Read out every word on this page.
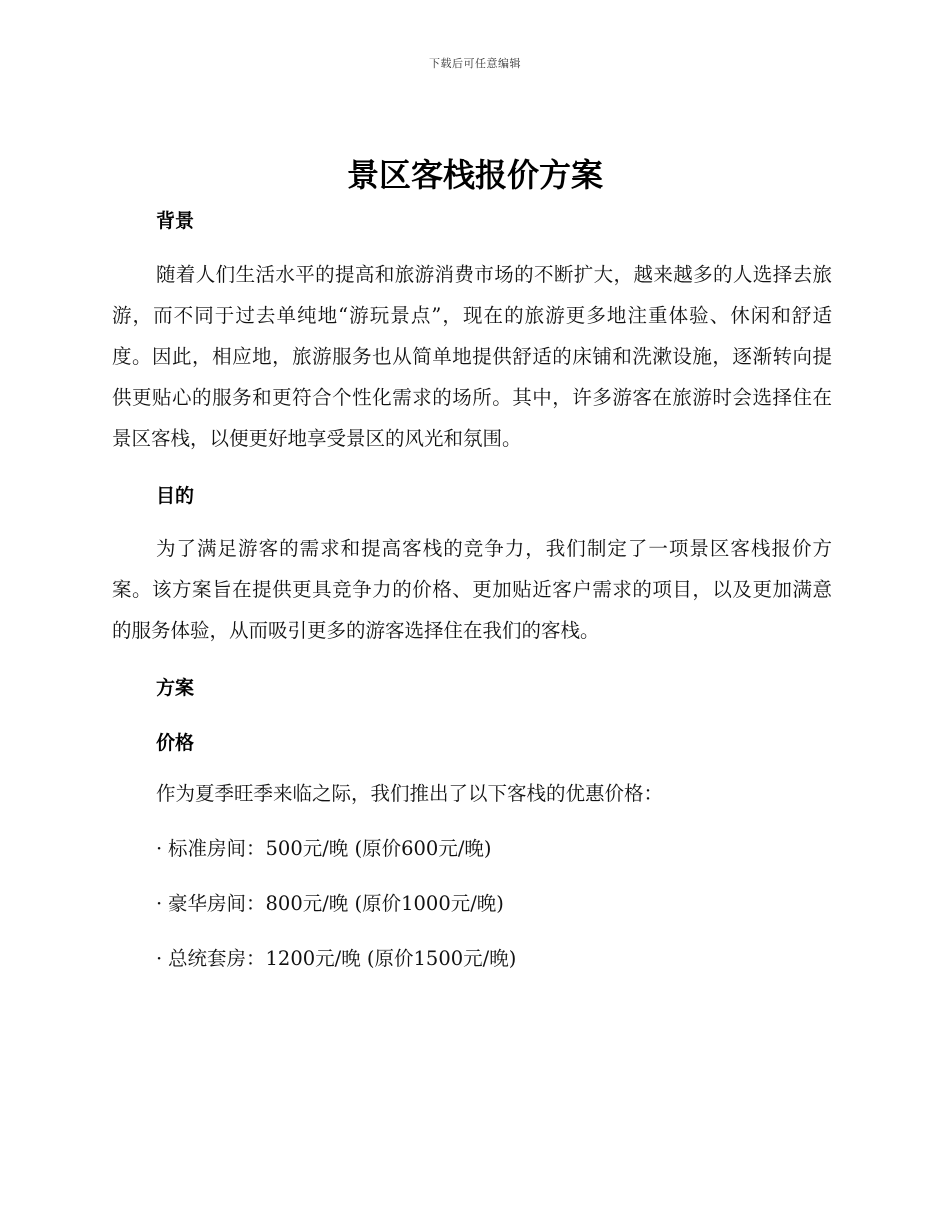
下载后可任意编辑
景区客栈报价方案
背景

随着人们生活水平的提高和旅游消费市场的不断扩大，越来越多的人选择去旅游，而不同于过去单纯地“游玩景点”，现在的旅游更多地注重体验、休闲和舒适度。因此，相应地，旅游服务也从简单地提供舒适的床铺和洗漱设施，逐渐转向提供更贴心的服务和更符合个性化需求的场所。其中，许多游客在旅游时会选择住在景区客栈，以便更好地享受景区的风光和氛围。

目的

为了满足游客的需求和提高客栈的竞争力，我们制定了一项景区客栈报价方案。该方案旨在提供更具竞争力的价格、更加贴近客户需求的项目，以及更加满意的服务体验，从而吸引更多的游客选择住在我们的客栈。

方案
价格
作为夏季旺季来临之际，我们推出了以下客栈的优惠价格：
· 标准房间：500元/晚 (原价600元/晚)
· 豪华房间：800元/晚 (原价1000元/晚)
· 总统套房：1200元/晚 (原价1500元/晚)
